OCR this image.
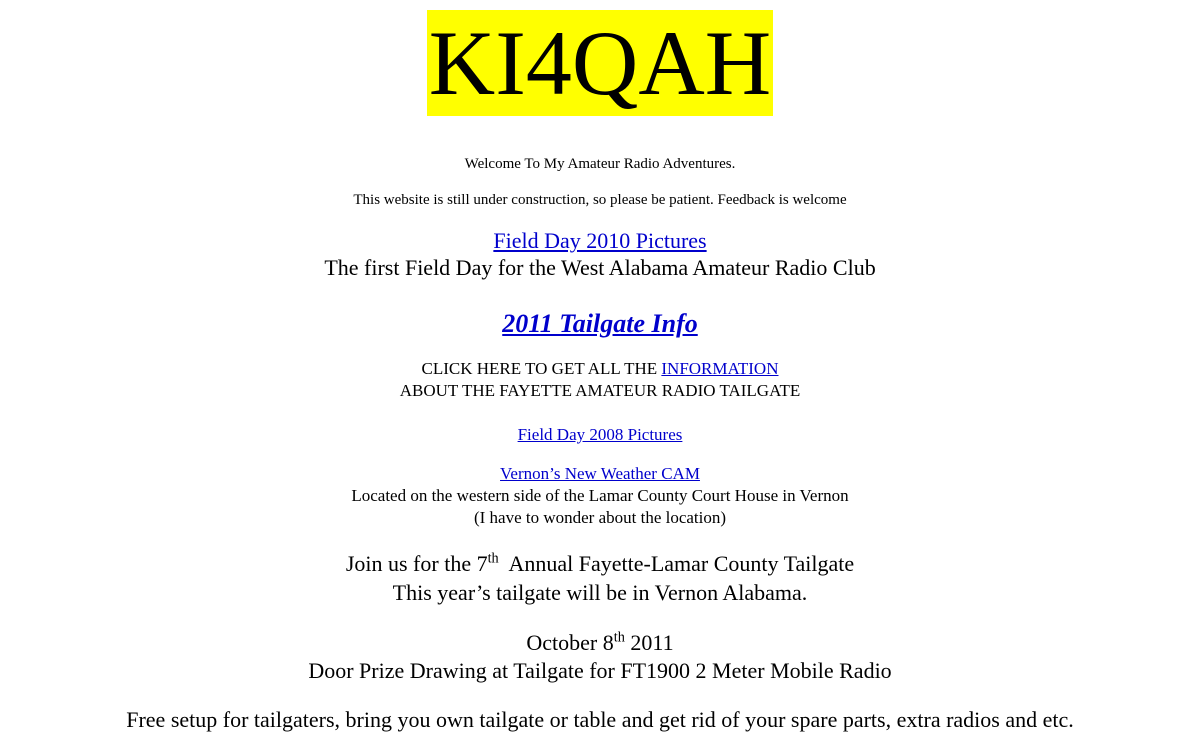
KI4QAH
Welcome To My Amateur Radio Adventures.
This website is still under construction, so please be patient. Feedback is welcome
Field Day 2010 Pictures
The first Field Day for the West Alabama Amateur Radio Club
2011 Tailgate Info
CLICK HERE TO GET ALL THE INFORMATION
ABOUT THE FAYETTE AMATEUR RADIO TAILGATE
Field Day 2008 Pictures
Vernon’s New Weather CAM
Located on the western side of the Lamar County Court House in Vernon
(I have to wonder about the location)
Join us for the 7th  Annual Fayette-Lamar County Tailgate
This year’s tailgate will be in Vernon Alabama.
October 8th 2011
Door Prize Drawing at Tailgate for FT1900 2 Meter Mobile Radio
Free setup for tailgaters, bring you own tailgate or table and get rid of your spare parts, extra radios and etc.
